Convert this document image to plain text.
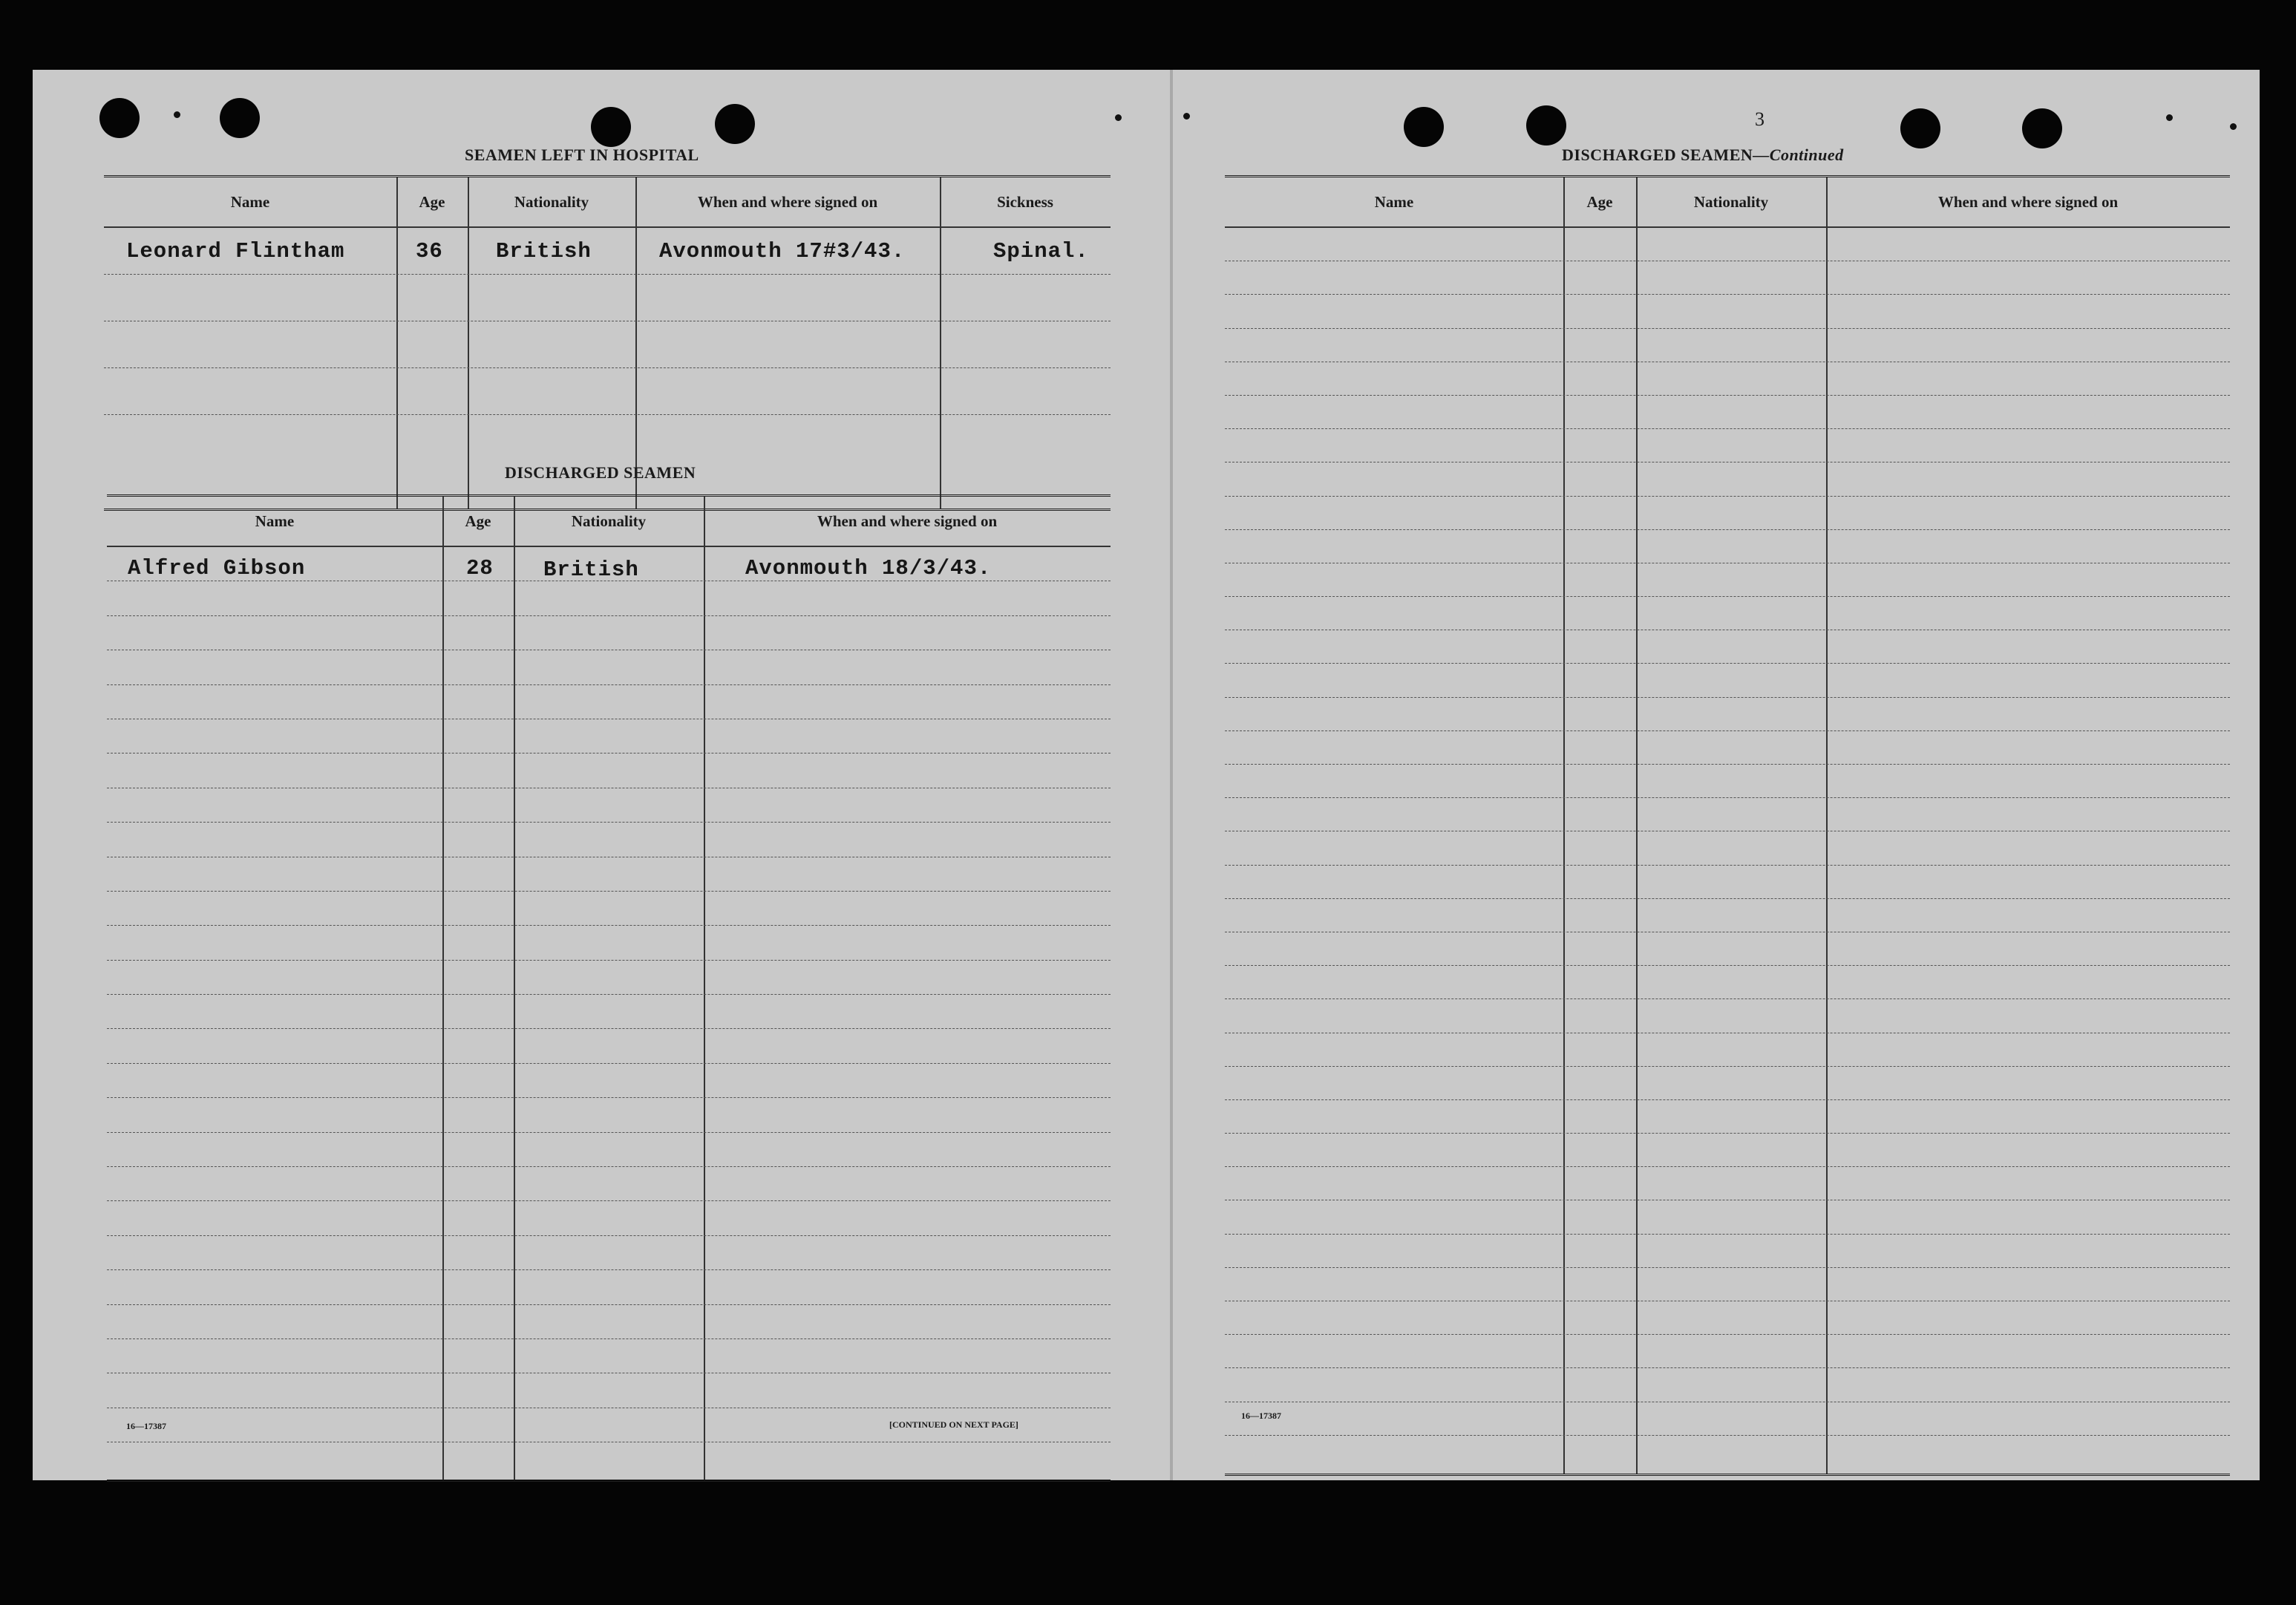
SEAMEN LEFT IN HOSPITAL
Name	Age	Nationality	When and where signed on	Sickness
Leonard Flintham	36 British	Avonmouth 17#3/43.	Spinal.
DISCHARGED SEAMEN
Name	Age	Nationality	When and where signed on
Alfred Gibson	28 British	Avonmouth 18/3/43.
16—17387	[CONTINUED ON NEXT PAGE]
3
DISCHARGED SEAMEN—Continued
Name	Age	Nationality	When and where signed on
16—17387
